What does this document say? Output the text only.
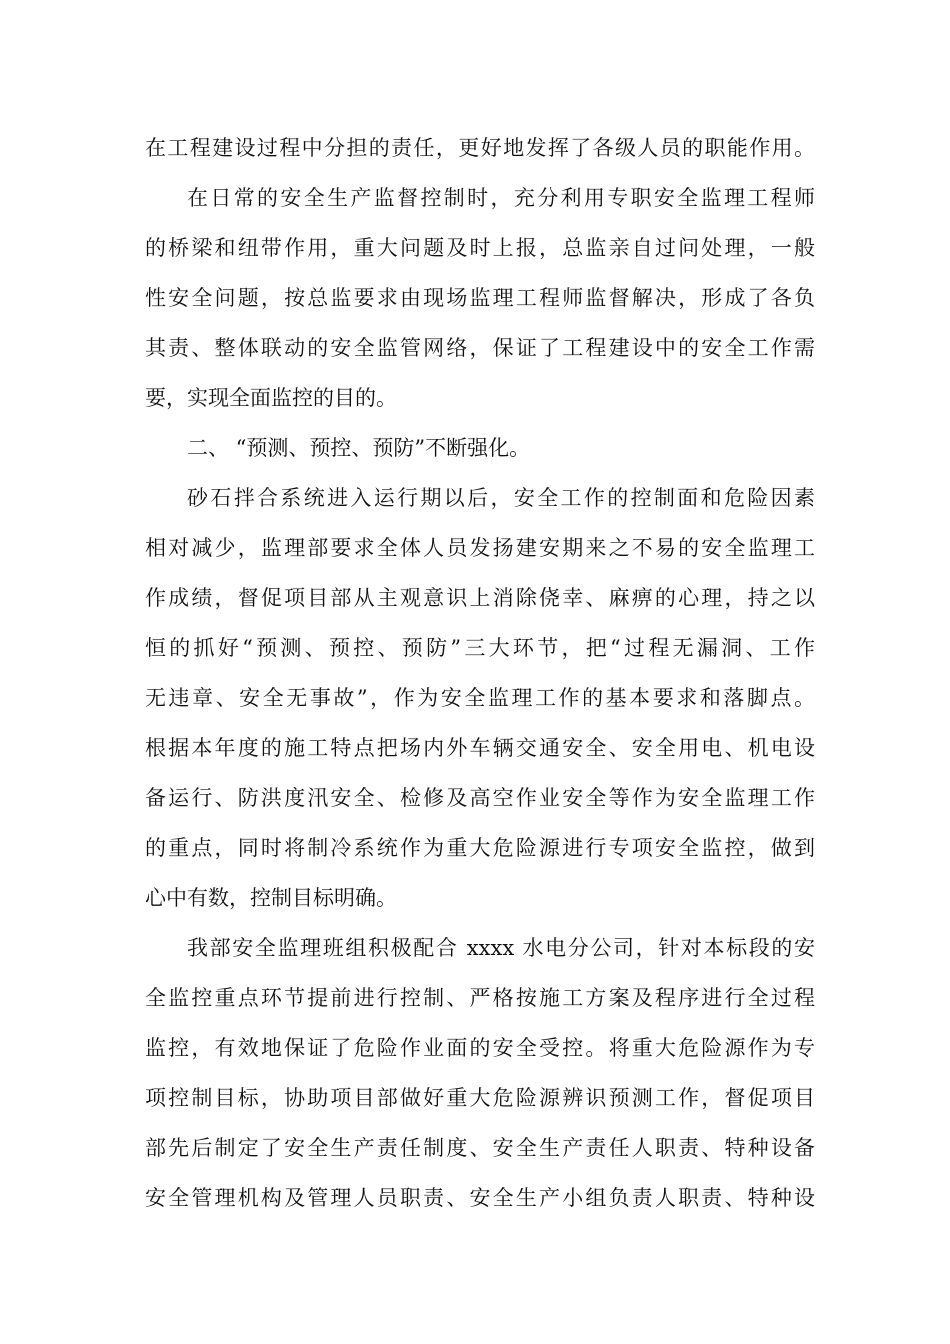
在工程建设过程中分担的责任，更好地发挥了各级人员的职能作用。
在日常的安全生产监督控制时，充分利用专职安全监理工程师
的桥梁和纽带作用，重大问题及时上报，总监亲自过问处理，一般
性安全问题，按总监要求由现场监理工程师监督解决，形成了各负
其责、整体联动的安全监管网络，保证了工程建设中的安全工作需
要，实现全面监控的目的。
二、 “预测、预控、预防”不断强化。
砂石拌合系统进入运行期以后，安全工作的控制面和危险因素
相对减少，监理部要求全体人员发扬建安期来之不易的安全监理工
作成绩，督促项目部从主观意识上消除侥幸、麻痹的心理，持之以
恒的抓好“预测、预控、预防”三大环节，把“过程无漏洞、工作
无违章、安全无事故”，作为安全监理工作的基本要求和落脚点。
根据本年度的施工特点把场内外车辆交通安全、安全用电、机电设
备运行、防洪度汛安全、检修及高空作业安全等作为安全监理工作
的重点，同时将制冷系统作为重大危险源进行专项安全监控，做到
心中有数，控制目标明确。
我部安全监理班组积极配合 xxxx 水电分公司，针对本标段的安
全监控重点环节提前进行控制、严格按施工方案及程序进行全过程
监控，有效地保证了危险作业面的安全受控。将重大危险源作为专
项控制目标，协助项目部做好重大危险源辨识预测工作，督促项目
部先后制定了安全生产责任制度、安全生产责任人职责、特种设备
安全管理机构及管理人员职责、安全生产小组负责人职责、特种设
